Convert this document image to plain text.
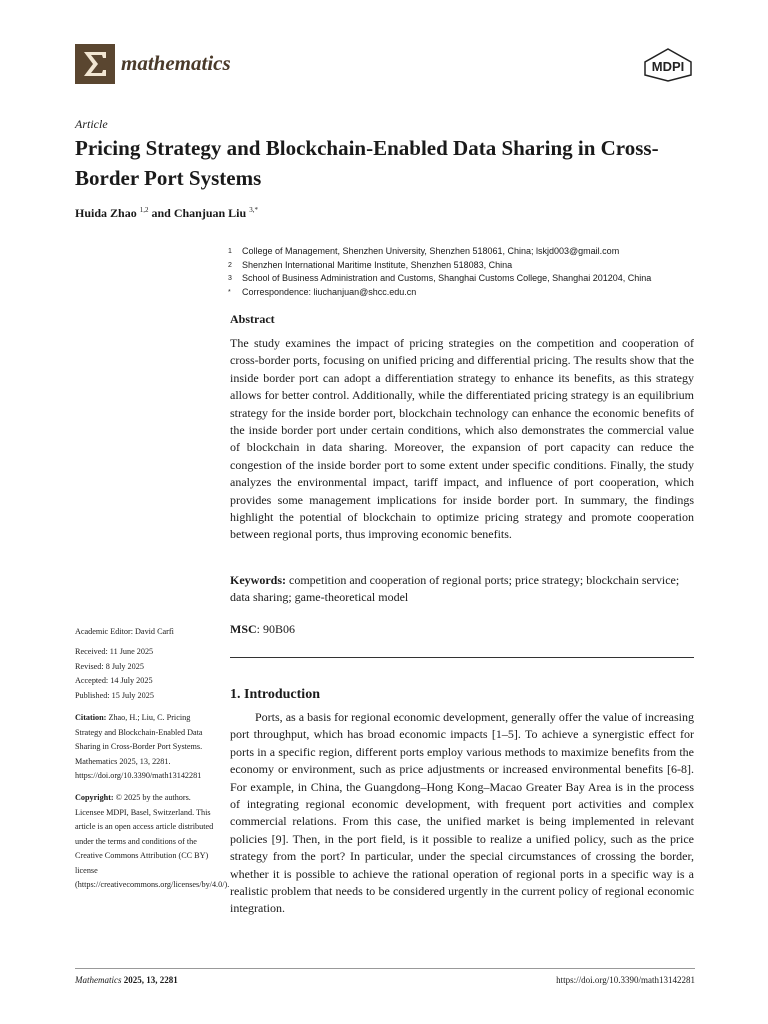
mathematics	MDPI
Article
Pricing Strategy and Blockchain-Enabled Data Sharing in Cross-Border Port Systems
Huida Zhao $^{1,2}$ and Chanjuan Liu $^{3,*}$
1	College of Management, Shenzhen University, Shenzhen 518061, China; lskjd003@gmail.com
2	Shenzhen International Maritime Institute, Shenzhen 518083, China
3	School of Business Administration and Customs, Shanghai Customs College, Shanghai 201204, China
*	Correspondence: liuchanjuan@shcc.edu.cn
Abstract
The study examines the impact of pricing strategies on the competition and cooperation of cross-border ports, focusing on unified pricing and differential pricing. The results show that the inside border port can adopt a differentiation strategy to enhance its benefits, as this strategy allows for better control. Additionally, while the differentiated pricing strategy is an equilibrium strategy for the inside border port, blockchain technology can enhance the economic benefits of the inside border port under certain conditions, which also demonstrates the commercial value of blockchain in data sharing. Moreover, the expansion of port capacity can reduce the congestion of the inside border port to some extent under specific conditions. Finally, the study analyzes the environmental impact, tariff impact, and influence of port cooperation, which provides some management implications for inside border port. In summary, the findings highlight the potential of blockchain to optimize pricing strategy and promote cooperation between regional ports, thus improving economic benefits.
Keywords: competition and cooperation of regional ports; price strategy; blockchain service; data sharing; game-theoretical model
MSC: 90B06
Academic Editor: David Carfì
Received: 11 June 2025
Revised: 8 July 2025
Accepted: 14 July 2025
Published: 15 July 2025
Citation: Zhao, H.; Liu, C. Pricing Strategy and Blockchain-Enabled Data Sharing in Cross-Border Port Systems. Mathematics 2025, 13, 2281. https://doi.org/10.3390/math13142281
Copyright: © 2025 by the authors. Licensee MDPI, Basel, Switzerland. This article is an open access article distributed under the terms and conditions of the Creative Commons Attribution (CC BY) license (https://creativecommons.org/licenses/by/4.0/).
1. Introduction
Ports, as a basis for regional economic development, generally offer the value of increasing port throughput, which has broad economic impacts [1–5]. To achieve a synergistic effect for ports in a specific region, different ports employ various methods to maximize benefits from the economy or environment, such as price adjustments or increased environmental benefits [6-8]. For example, in China, the Guangdong–Hong Kong–Macao Greater Bay Area is in the process of integrating regional economic development, with frequent port activities and complex commercial relations. From this case, the unified market is being implemented in relevant policies [9]. Then, in the port field, is it possible to realize a unified policy, such as the price strategy from the port? In particular, under the special circumstances of crossing the border, whether it is possible to achieve the rational operation of regional ports in a specific way is a realistic problem that needs to be considered urgently in the current policy of regional economic integration.
Mathematics 2025, 13, 2281	https://doi.org/10.3390/math13142281
